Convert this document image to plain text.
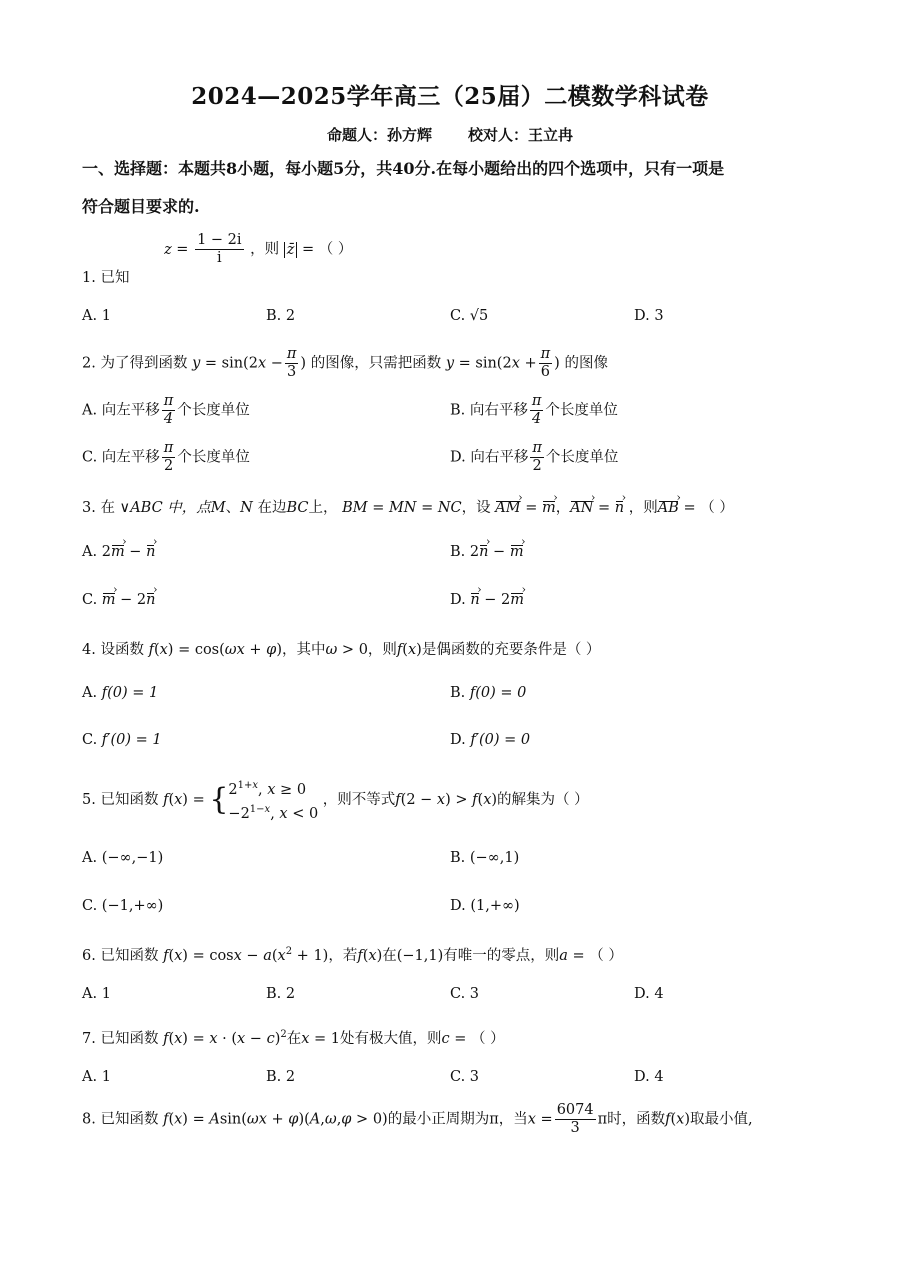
2024—2025学年高三（25届）二模数学科试卷
命题人：孙方辉 校对人：王立冉
一、选择题：本题共8小题，每小题5分，共40分.在每小题给出的四个选项中，只有一项是
符合题目要求的.
1. 已知 $z = \frac{1 - 2i}{i}$ ，则 z̄ = （ ）
A. 1	B. 2	C. √5	D. 3
2. 为了得到函数 $y = \sin(2x - \frac{\pi}{3}$ ) 的图像，只需把函数 $y = \sin(2x + \frac{\pi}{6}$ ) 的图像
A. 向左平移 $\frac{\pi}{4}$ 个长度单位	B. 向右平移 $\frac{\pi}{4}$ 个长度单位
C. 向左平移 $\frac{\pi}{2}$ 个长度单位	D. 向右平移 $\frac{\pi}{2}$ 个长度单位
3. 在 ∨ABC 中，点M、N 在边BC上， BM = MN = NC，设 AM › = m ›，AN › = n › ，则AB › = （ ）
A. 2m › − n ›	B. 2n › − m ›
C. m › − 2n ›	D. n › − 2m ›
4. 设函数 f(x) = cos(ωx + φ)，其中ω > 0，则f(x)是偶函数的充要条件是（ ）
A. f(0) = 1	B. f(0) = 0
C. f′(0) = 1	D. f′(0) = 0
5. 已知函数 f(x) = { $2^{1+x}$, x ≥ 0
$-2^{1-x}$, x < 0
，则不等式f(2 − x) > f(x)的解集为（ ）
A. (−∞,−1)	B. (−∞,1)
C. (−1,+∞)	D. (1,+∞)
6. 已知函数 $f(x) = \cos x - a(x^2 + 1)$，若f(x)在(−1,1)有唯一的零点，则a = （ ）
A. 1	B. 2	C. 3	D. 4
7. 已知函数 $f(x) = x \cdot (x - c)^2$在x = 1处有极大值，则c = （ ）
A. 1	B. 2	C. 3	D. 4
8. 已知函数 f(x) = Asin(ωx + φ)(A,ω,φ > 0)的最小正周期为π，当$x = \frac{6074}{3}$ π时，函数f(x)取最小值,
